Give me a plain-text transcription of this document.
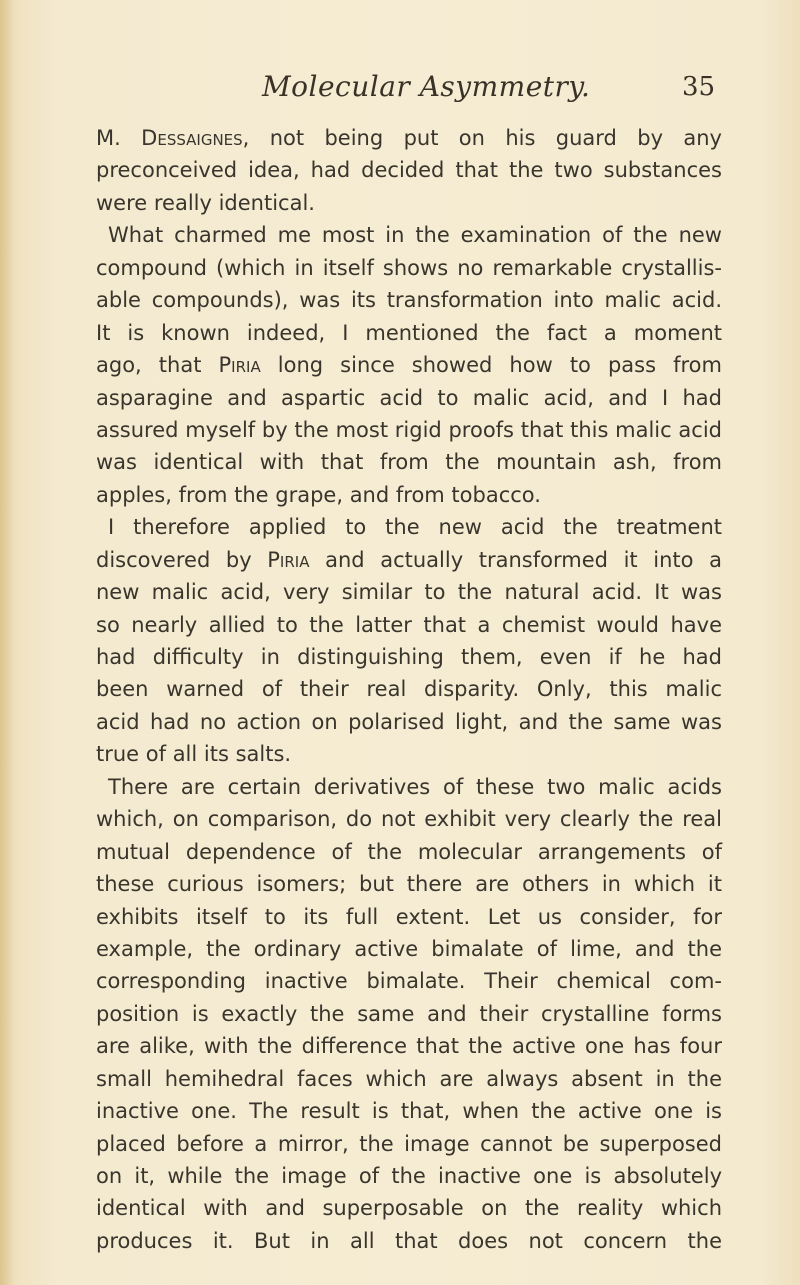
Molecular Asymmetry.	35
M. Dessaignes, not being put on his guard by any
preconceived idea, had decided that the two substances
were really identical.
What charmed me most in the examination of the new
compound (which in itself shows no remarkable crystallis-
able compounds), was its transformation into malic acid.
It is known indeed, I mentioned the fact a moment
ago, that Piria long since showed how to pass from
asparagine and aspartic acid to malic acid, and I had
assured myself by the most rigid proofs that this malic acid
was identical with that from the mountain ash, from
apples, from the grape, and from tobacco.
I therefore applied to the new acid the treatment
discovered by Piria and actually transformed it into a
new malic acid, very similar to the natural acid. It was
so nearly allied to the latter that a chemist would have
had difficulty in distinguishing them, even if he had
been warned of their real disparity. Only, this malic
acid had no action on polarised light, and the same was
true of all its salts.
There are certain derivatives of these two malic acids
which, on comparison, do not exhibit very clearly the real
mutual dependence of the molecular arrangements of
these curious isomers; but there are others in which it
exhibits itself to its full extent. Let us consider, for
example, the ordinary active bimalate of lime, and the
corresponding inactive bimalate. Their chemical com-
position is exactly the same and their crystalline forms
are alike, with the difference that the active one has four
small hemihedral faces which are always absent in the
inactive one. The result is that, when the active one is
placed before a mirror, the image cannot be superposed
on it, while the image of the inactive one is absolutely
identical with and superposable on the reality which
produces it. But in all that does not concern the
